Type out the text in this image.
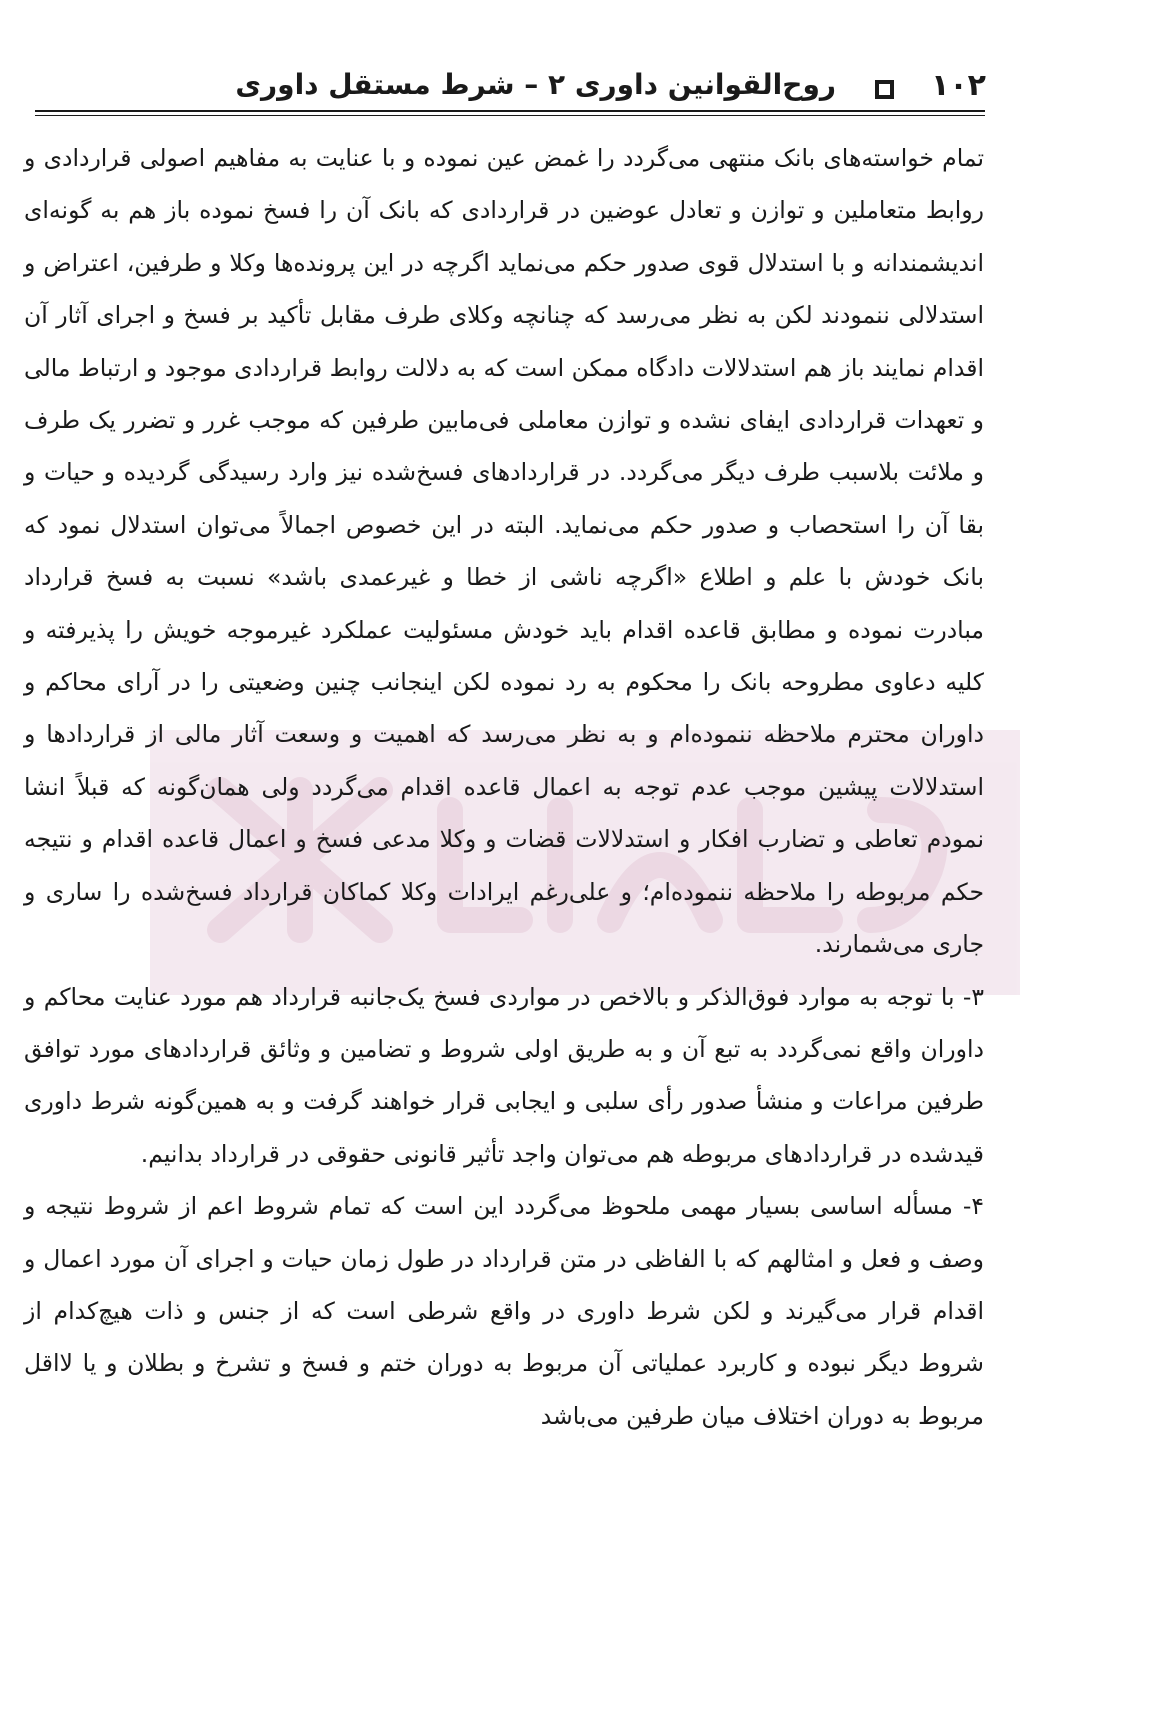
۱۰۲
روح‌القوانین داوری ۲ – شرط مستقل داوری

تمام خواسته‌های بانک منتهی می‌گردد را غمض عین نموده و با عنایت به مفاهیم اصولی قراردادی و روابط متعاملین و توازن و تعادل عوضین در قراردادی که بانک آن را فسخ نموده باز هم به گونه‌ای اندیشمندانه و با استدلال قوی صدور حکم می‌نماید اگرچه در این پرونده‌ها وکلا و طرفین، اعتراض و استدلالی ننمودند لکن به نظر می‌رسد که چنانچه وکلای طرف مقابل تأکید بر فسخ و اجرای آثار آن اقدام نمایند باز هم استدلالات دادگاه ممکن است که به دلالت روابط قراردادی موجود و ارتباط مالی و تعهدات قراردادی ایفای نشده و توازن معاملی فی‌مابین طرفین که موجب غرر و تضرر یک طرف و ملائت بلاسبب طرف دیگر می‌گردد. در قراردادهای فسخ‌شده نیز وارد رسیدگی گردیده و حیات و بقا آن را استحصاب و صدور حکم می‌نماید. البته در این خصوص اجمالاً می‌توان استدلال نمود که بانک خودش با علم و اطلاع «اگرچه ناشی از خطا و غیرعمدی باشد» نسبت به فسخ قرارداد مبادرت نموده و مطابق قاعده اقدام باید خودش مسئولیت عملکرد غیرموجه خویش را پذیرفته و کلیه دعاوی مطروحه بانک را محکوم به رد نموده لکن اینجانب چنین وضعیتی را در آرای محاکم و داوران محترم ملاحظه ننموده‌ام و به نظر می‌رسد که اهمیت و وسعت آثار مالی از قراردادها و استدلالات پیشین موجب عدم توجه به اعمال قاعده اقدام می‌گردد ولی همان‌گونه که قبلاً انشا نمودم تعاطی و تضارب افکار و استدلالات قضات و وکلا مدعی فسخ و اعمال قاعده اقدام و نتیجه حکم مربوطه را ملاحظه ننموده‌ام؛ و علی‌رغم ایرادات وکلا کماکان قرارداد فسخ‌شده را ساری و جاری می‌شمارند.

۳- با توجه به موارد فوق‌الذکر و بالاخص در مواردی فسخ یک‌جانبه قرارداد هم مورد عنایت محاکم و داوران واقع نمی‌گردد به تبع آن و به طریق اولی شروط و تضامین و وثائق قراردادهای مورد توافق طرفین مراعات و منشأ صدور رأی سلبی و ایجابی قرار خواهند گرفت و به همین‌گونه شرط داوری قیدشده در قراردادهای مربوطه هم می‌توان واجد تأثیر قانونی حقوقی در قرارداد بدانیم.

۴- مسأله اساسی بسیار مهمی ملحوظ می‌گردد این است که تمام شروط اعم از شروط نتیجه و وصف و فعل و امثالهم که با الفاظی در متن قرارداد در طول زمان حیات و اجرای آن مورد اعمال و اقدام قرار می‌گیرند و لکن شرط داوری در واقع شرطی است که از جنس و ذات هیچ‌کدام از شروط دیگر نبوده و کاربرد عملیاتی آن مربوط به دوران ختم و فسخ و تشرخ و بطلان و یا لااقل مربوط به دوران اختلاف میان طرفین می‌باشد
